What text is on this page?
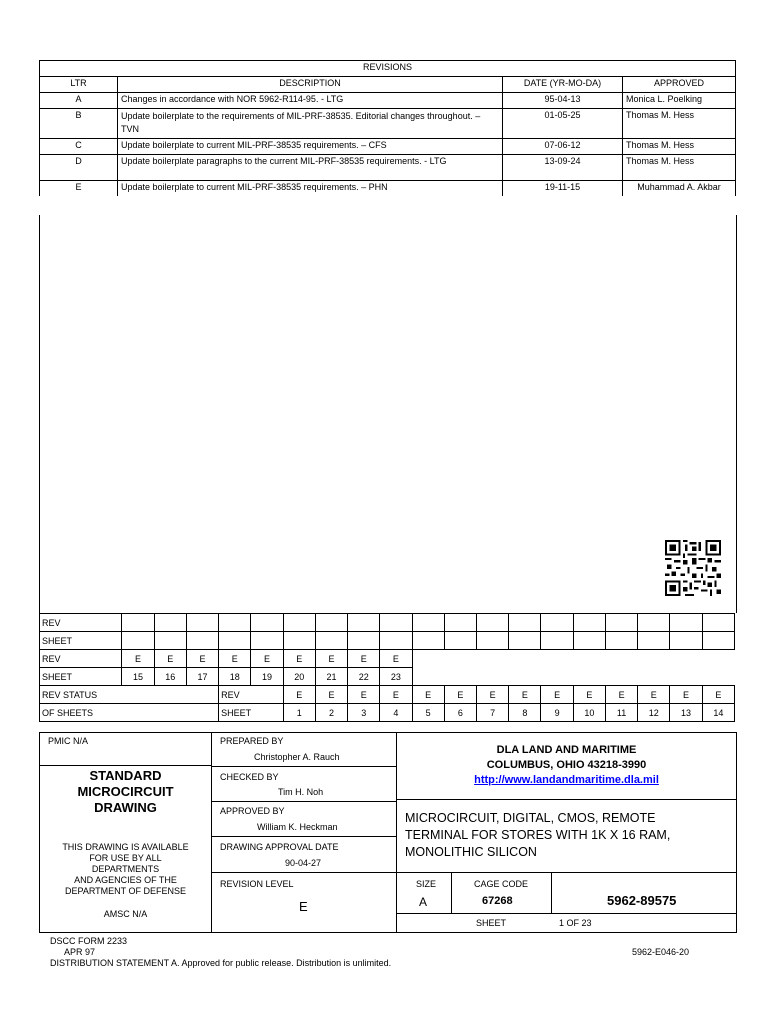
REVISIONS			
LTR	DESCRIPTION	DATE (YR-MO-DA)	APPROVED
A	Changes in accordance with NOR 5962-R114-95. - LTG	95-04-13	Monica L. Poelking
B	Update boilerplate to the requirements of MIL-PRF-38535. Editorial changes throughout. – TVN	01-05-25	Thomas M. Hess
C	Update boilerplate to current MIL-PRF-38535 requirements. – CFS	07-06-12	Thomas M. Hess
D	Update boilerplate paragraphs to the current MIL-PRF-38535 requirements. - LTG	13-09-24	Thomas M. Hess
E	Update boilerplate to current MIL-PRF-38535 requirements. – PHN	19-11-15	Muhammad A. Akbar
REV																			
SHEET																			
REV	E	E	E	E	E	E	E	E	E										
SHEET	15	16	17	18	19	20	21	22	23										
REV STATUS				REV		E	E	E	E	E	E	E	E	E	E	E	E	E	E
OF SHEETS				SHEET		1	2	3	4	5	6	7	8	9	10	11	12	13	14
PMIC N/A
STANDARD
MICROCIRCUIT
DRAWING
THIS DRAWING IS AVAILABLE
FOR USE BY ALL
DEPARTMENTS
AND AGENCIES OF THE
DEPARTMENT OF DEFENSE
AMSC N/A
PREPARED BY
Christopher A. Rauch
CHECKED BY
Tim H. Noh
APPROVED BY
William K. Heckman
DRAWING APPROVAL DATE
90-04-27
REVISION LEVEL
E
DLA LAND AND MARITIME
COLUMBUS, OHIO 43218-3990
http://www.landandmaritime.dla.mil
MICROCIRCUIT, DIGITAL, CMOS, REMOTE
TERMINAL FOR STORES WITH 1K X 16 RAM,
MONOLITHIC SILICON
SIZE
A
CAGE CODE
67268	5962-89575
SHEET	1 OF 23
DSCC FORM 2233
APR 97
DISTRIBUTION STATEMENT A. Approved for public release. Distribution is unlimited.
5962-E046-20
